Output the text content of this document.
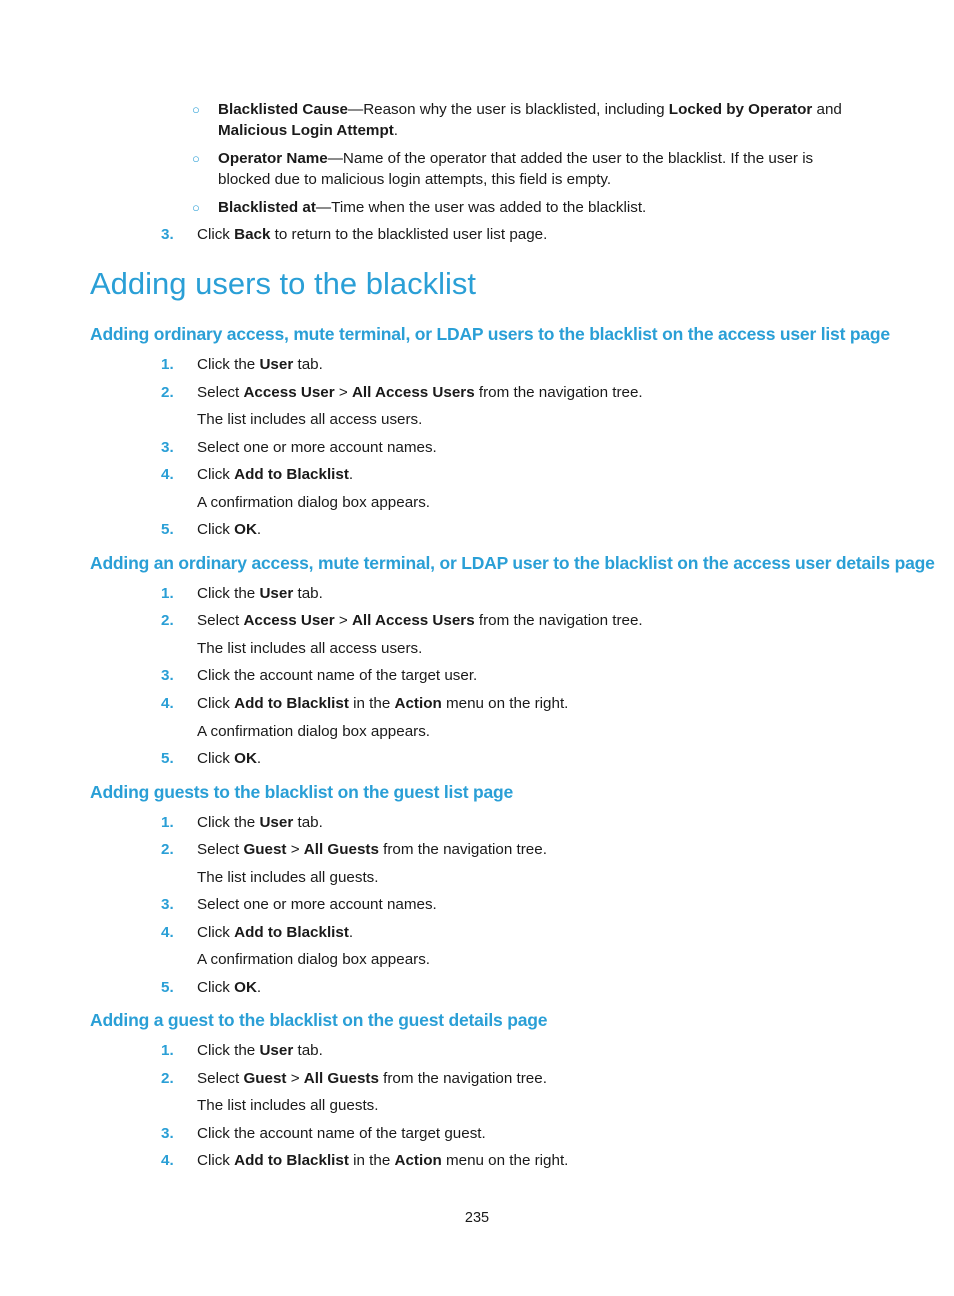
○ Blacklisted Cause—Reason why the user is blacklisted, including Locked by Operator and
Malicious Login Attempt.
○ Operator Name—Name of the operator that added the user to the blacklist. If the user is
blocked due to malicious login attempts, this field is empty.
○ Blacklisted at—Time when the user was added to the blacklist.
3.	Click Back to return to the blacklisted user list page.
Adding users to the blacklist
Adding ordinary access, mute terminal, or LDAP users to the blacklist on the access user list page
1.	Click the User tab.
2.	Select Access User > All Access Users from the navigation tree.
The list includes all access users.
3.	Select one or more account names.
4.	Click Add to Blacklist.
A confirmation dialog box appears.
5.	Click OK.
Adding an ordinary access, mute terminal, or LDAP user to the blacklist on the access user details page
1.	Click the User tab.
2.	Select Access User > All Access Users from the navigation tree.
The list includes all access users.
3.	Click the account name of the target user.
4.	Click Add to Blacklist in the Action menu on the right.
A confirmation dialog box appears.
5.	Click OK.
Adding guests to the blacklist on the guest list page
1.	Click the User tab.
2.	Select Guest > All Guests from the navigation tree.
The list includes all guests.
3.	Select one or more account names.
4.	Click Add to Blacklist.
A confirmation dialog box appears.
5.	Click OK.
Adding a guest to the blacklist on the guest details page
1.	Click the User tab.
2.	Select Guest > All Guests from the navigation tree.
The list includes all guests.
3.	Click the account name of the target guest.
4.	Click Add to Blacklist in the Action menu on the right.
235
